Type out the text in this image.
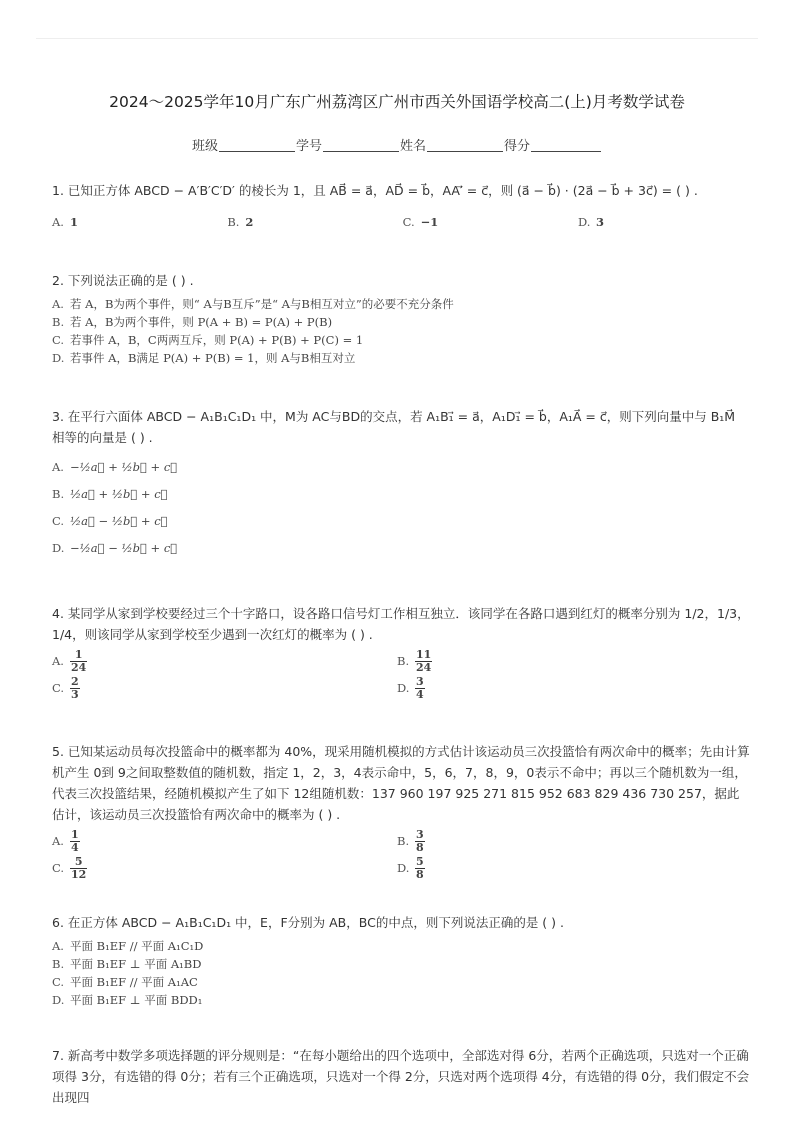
2024～2025学年10月广东广州荔湾区广州市西关外国语学校高二(上)月考数学试卷
班级	学号	姓名	得分

1. 已知正方体 ABCD − A′B′C′D′ 的棱长为 1，且 AB⃗ = a⃗，AD⃗ = b⃗，AA′⃗ = c⃗，则 (a⃗ − b⃗) · (2a⃗ − b⃗ + 3c⃗) = ( ) .

A. 1	B. 2	C. −1	D. 3

2. 下列说法正确的是 ( ) .

A. 若 A，B为两个事件，则“ A与B互斥”是“ A与B相互对立”的必要不充分条件
B. 若 A，B为两个事件，则 P(A + B) = P(A) + P(B)
C. 若事件 A，B，C两两互斥，则 P(A) + P(B) + P(C) = 1
D. 若事件 A，B满足 P(A) + P(B) = 1，则 A与B相互对立

3. 在平行六面体 ABCD − A₁B₁C₁D₁ 中，M为 AC与BD的交点，若 A₁B₁⃗ = a⃗，A₁D₁⃗ = b⃗，A₁A⃗ = c⃗，则下列向量中与 B₁M⃗ 相等的向量是 ( ) .

A. −½a⃗ + ½b⃗ + c⃗
B. ½a⃗ + ½b⃗ + c⃗
C. ½a⃗ − ½b⃗ + c⃗
D. −½a⃗ − ½b⃗ + c⃗

4. 某同学从家到学校要经过三个十字路口，设各路口信号灯工作相互独立．该同学在各路口遇到红灯的概率分别为 1/2，1/3，1/4，则该同学从家到学校至少遇到一次红灯的概率为 ( ) .

A. $\frac{1}{24}$	B. $\frac{11}{24}$
C. $\frac{2}{3}$	D. $\frac{3}{4}$

5. 已知某运动员每次投篮命中的概率都为 40%，现采用随机模拟的方式估计该运动员三次投篮恰有两次命中的概率；先由计算机产生 0到 9之间取整数值的随机数，指定 1，2，3，4表示命中，5，6，7，8，9，0表示不命中；再以三个随机数为一组，代表三次投篮结果，经随机模拟产生了如下 12组随机数：137 960 197 925 271 815 952 683 829 436 730 257，据此估计，该运动员三次投篮恰有两次命中的概率为 ( ) .

A. $\frac{1}{4}$	B. $\frac{3}{8}$
C. $\frac{5}{12}$	D. $\frac{5}{8}$

6. 在正方体 ABCD − A₁B₁C₁D₁ 中，E，F分别为 AB，BC的中点，则下列说法正确的是 ( ) .

A. 平面 B₁EF // 平面 A₁C₁D
B. 平面 B₁EF ⊥ 平面 A₁BD
C. 平面 B₁EF // 平面 A₁AC
D. 平面 B₁EF ⊥ 平面 BDD₁

7. 新高考中数学多项选择题的评分规则是：“在每小题给出的四个选项中，全部选对得 6分，若两个正确选项，只选对一个正确项得 3分，有选错的得 0分；若有三个正确选项，只选对一个得 2分，只选对两个选项得 4分，有选错的得 0分，我们假定不会出现四
